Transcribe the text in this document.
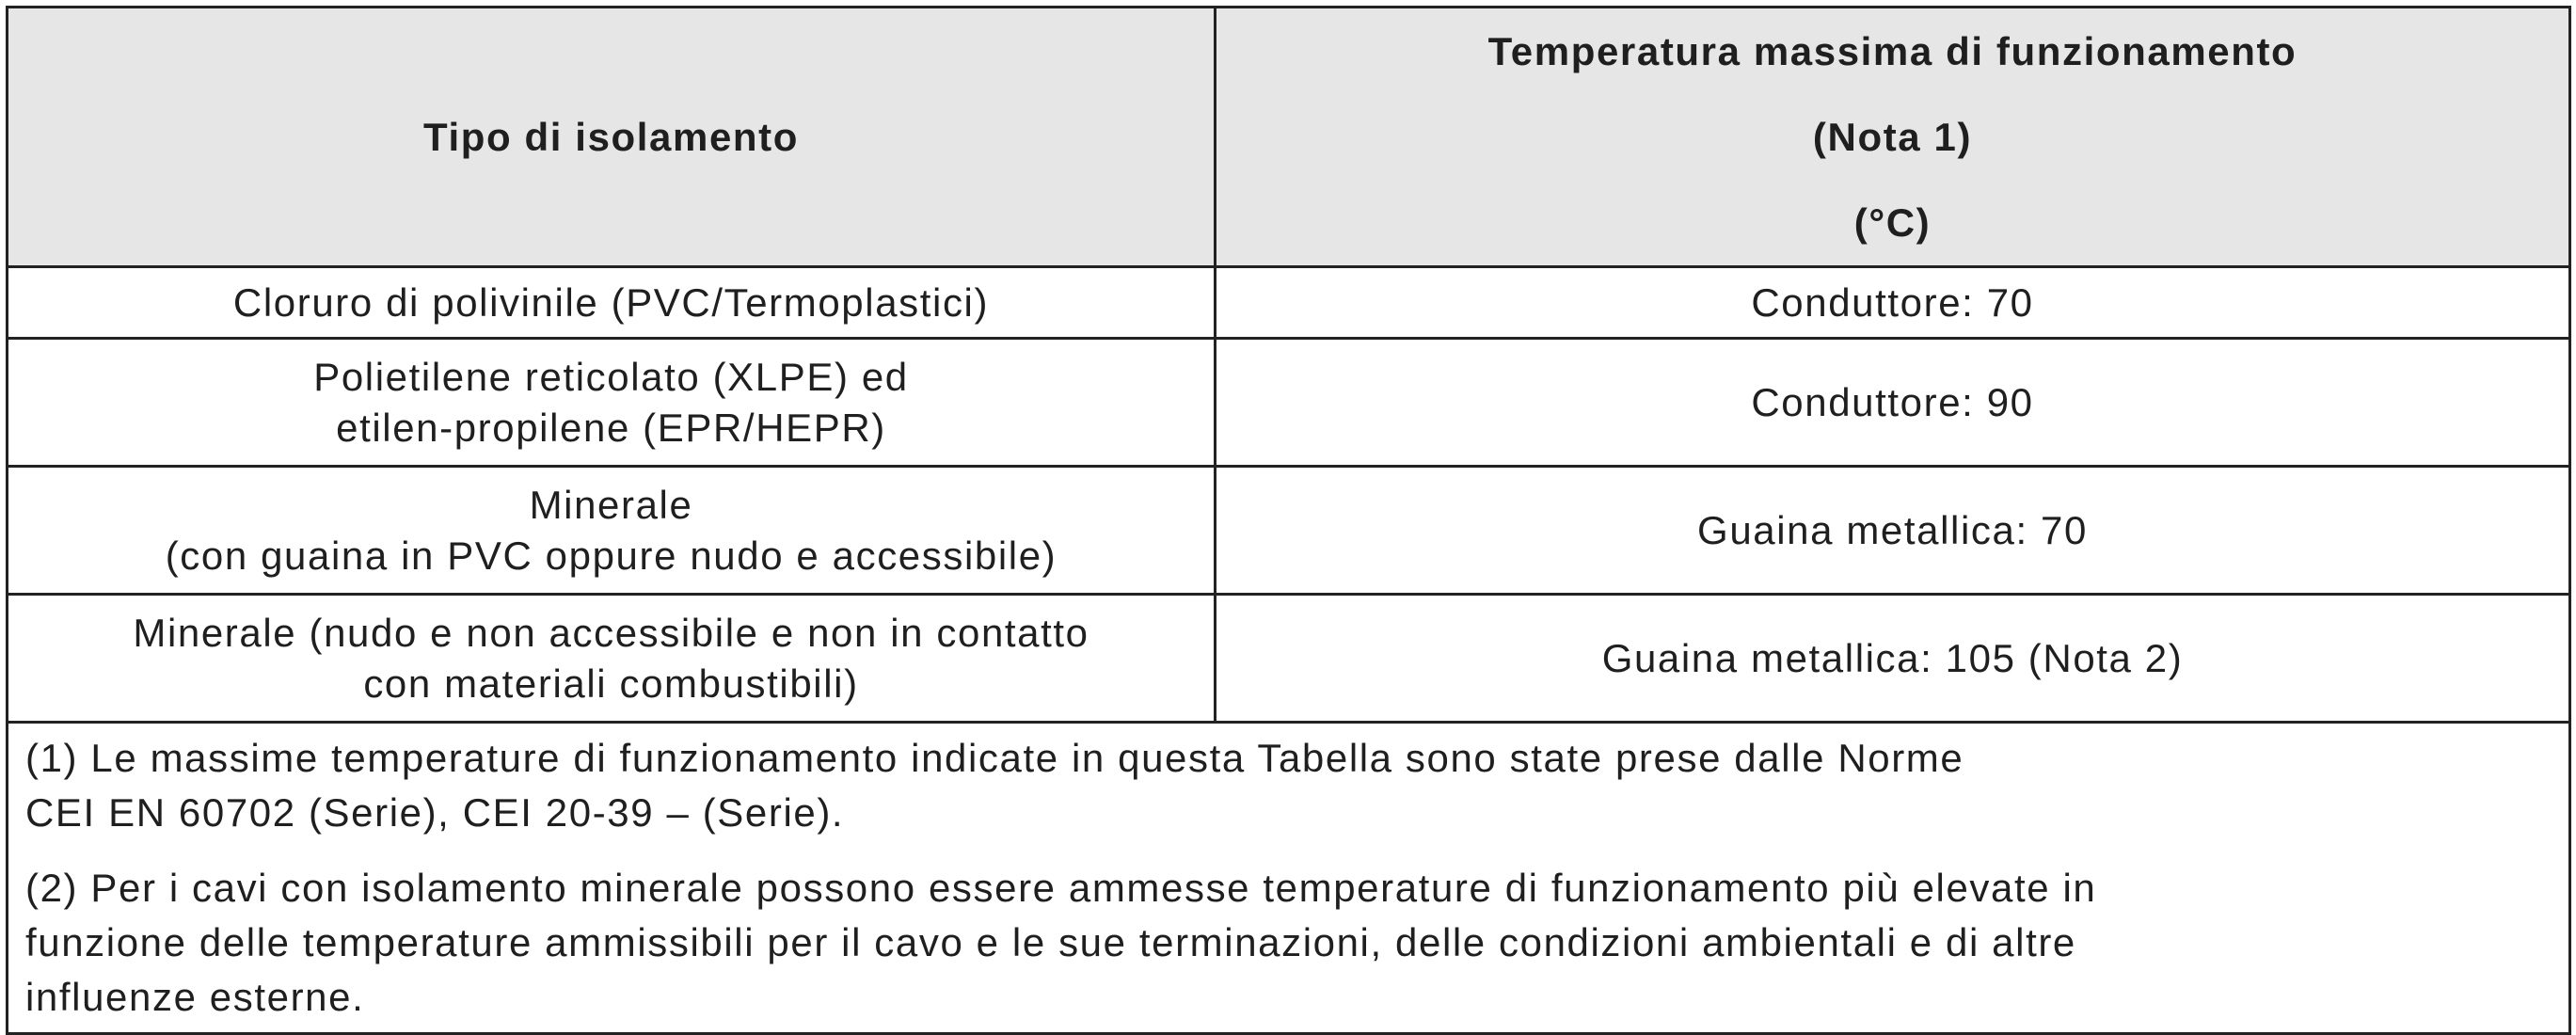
Tipo di isolamento	Temperatura massima di funzionamento
(Nota 1)
(°C)

Cloruro di polivinile (PVC/Termoplastici)	Conduttore: 70

Polietilene reticolato (XLPE) ed
etilen-propilene (EPR/HEPR)	Conduttore: 90

Minerale
(con guaina in PVC oppure nudo e accessibile)	Guaina metallica: 70

Minerale (nudo e non accessibile e non in contatto
con materiali combustibili)	Guaina metallica: 105 (Nota 2)

(1) Le massime temperature di funzionamento indicate in questa Tabella sono state prese dalle Norme
CEI EN 60702 (Serie), CEI 20-39 – (Serie).
(2) Per i cavi con isolamento minerale possono essere ammesse temperature di funzionamento più elevate in
funzione delle temperature ammissibili per il cavo e le sue terminazioni, delle condizioni ambientali e di altre
influenze esterne.	
